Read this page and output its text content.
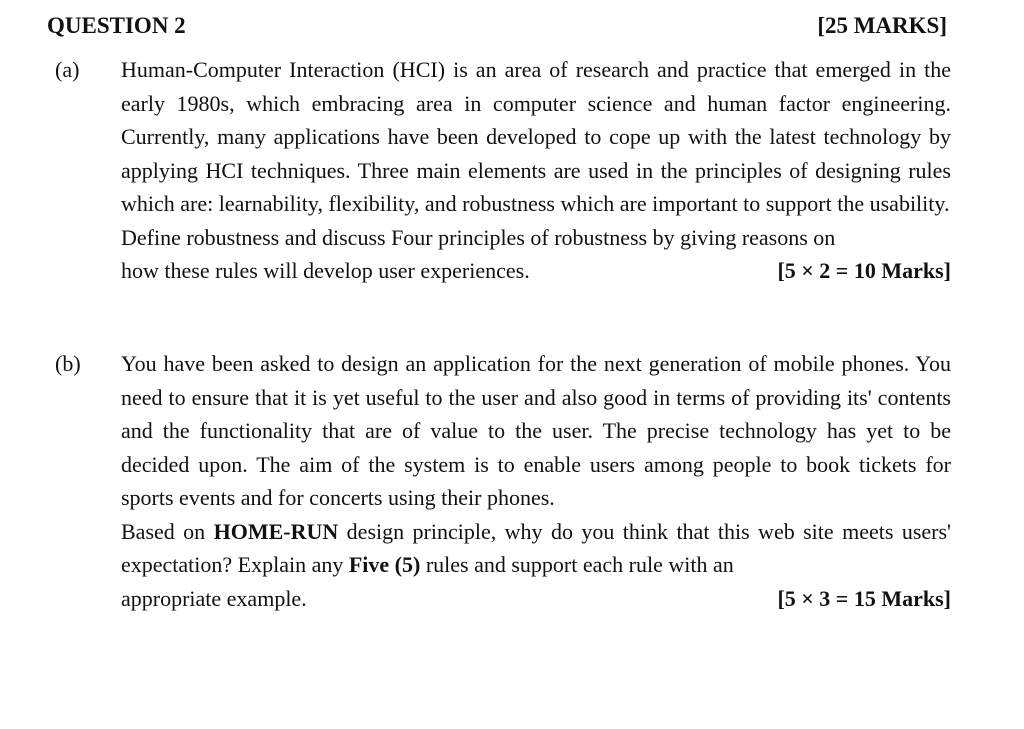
QUESTION 2	[25 MARKS]
(a) Human-Computer Interaction (HCI) is an area of research and practice that emerged in the early 1980s, which embracing area in computer science and human factor engineering. Currently, many applications have been developed to cope up with the latest technology by applying HCI techniques. Three main elements are used in the principles of designing rules which are: learnability, flexibility, and robustness which are important to support the usability.

Define robustness and discuss Four principles of robustness by giving reasons on

how these rules will develop user experiences.	[5 × 2 = 10 Marks]
(b) You have been asked to design an application for the next generation of mobile phones. You need to ensure that it is yet useful to the user and also good in terms of providing its' contents and the functionality that are of value to the user. The precise technology has yet to be decided upon. The aim of the system is to enable users among people to book tickets for sports events and for concerts using their phones.

Based on HOME-RUN design principle, why do you think that this web site meets users' expectation? Explain any Five (5) rules and support each rule with an

appropriate example.	[5 × 3 = 15 Marks]
